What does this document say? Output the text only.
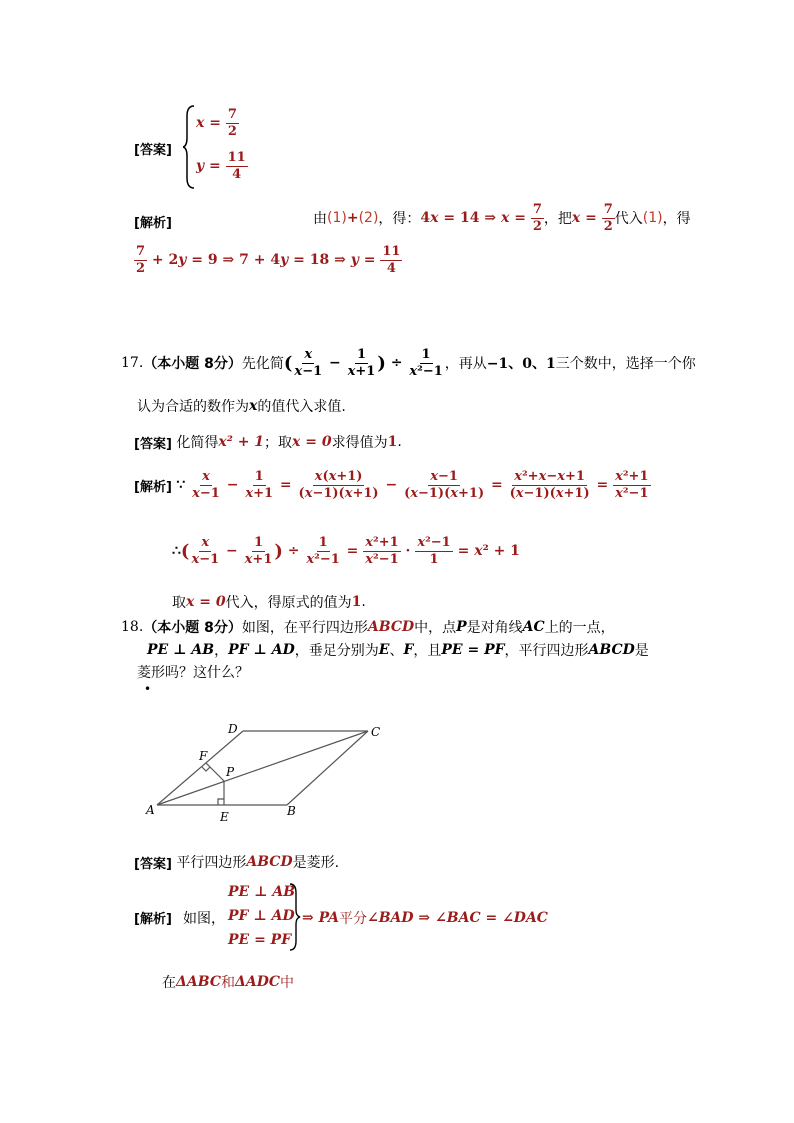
[答案]
$x = \frac{7}{2}$
$y = \frac{11}{4}$
[解析]	由 (1) + (2) ，得： 4 x = 14 ⇒ $x = \frac{7}{2}$ ，把 $x = \frac{7}{2}$ 代入 (1) ，得
$\frac{7}{2} + 2$ y = 9 ⇒ 7 + 4 y = 18 ⇒ $y = \frac{11}{4}$
17. （本小题 8分） 先化简 ( $\frac{x}{x-1} - \frac{1}{x+1}$ ) ÷ $\frac{1}{\text{x²−1}}$ ，再从 −1、0、1 三个数中，选择一个你
认为合适的数作为 x 的值代入求值.
[答案]
化简得 x² + 1 ；取 x = 0 求得值为 1 .
[解析]
∵
$\frac{x}{x-1} - \frac{1}{x+1} = \frac{x(x+1)}{(x-1)(x+1)} - \frac{x-1}{(x-1)(x+1)} = \frac{\text{x²+x−x+1}}{(x-1)(x+1)} = \frac{\text{x²+1}}{\text{x²−1}}$
∴ ( $\frac{x}{x-1} - \frac{1}{x+1}$ ) ÷ $\frac{1}{\text{x²−1}} = \frac{\text{x²+1}}{\text{x²−1}} \cdot \frac{\text{x²−1}}{1} = x^2 + 1$
取 x = 0 代入，得原式的值为 1 .
18. （本小题 8分） 如图，在平行四边形 ABCD 中，点 P 是对角线 AC 上的一点，
PE ⊥ AB ， PF ⊥ AD ，垂足分别为 E 、 F ，且 PE = PF ，平行四边形 ABCD 是
菱形吗？这什么？
•
A	B
C
D
E
F
P
[答案]
平行四边形 ABCD 是菱形.
[解析] 如图，
PE ⊥ AB
PF ⊥ AD
PE = PF
⇒ PA 平分 ∠BAD ⇒ ∠BAC = ∠DAC
在 ΔABC 和 ΔADC 中
